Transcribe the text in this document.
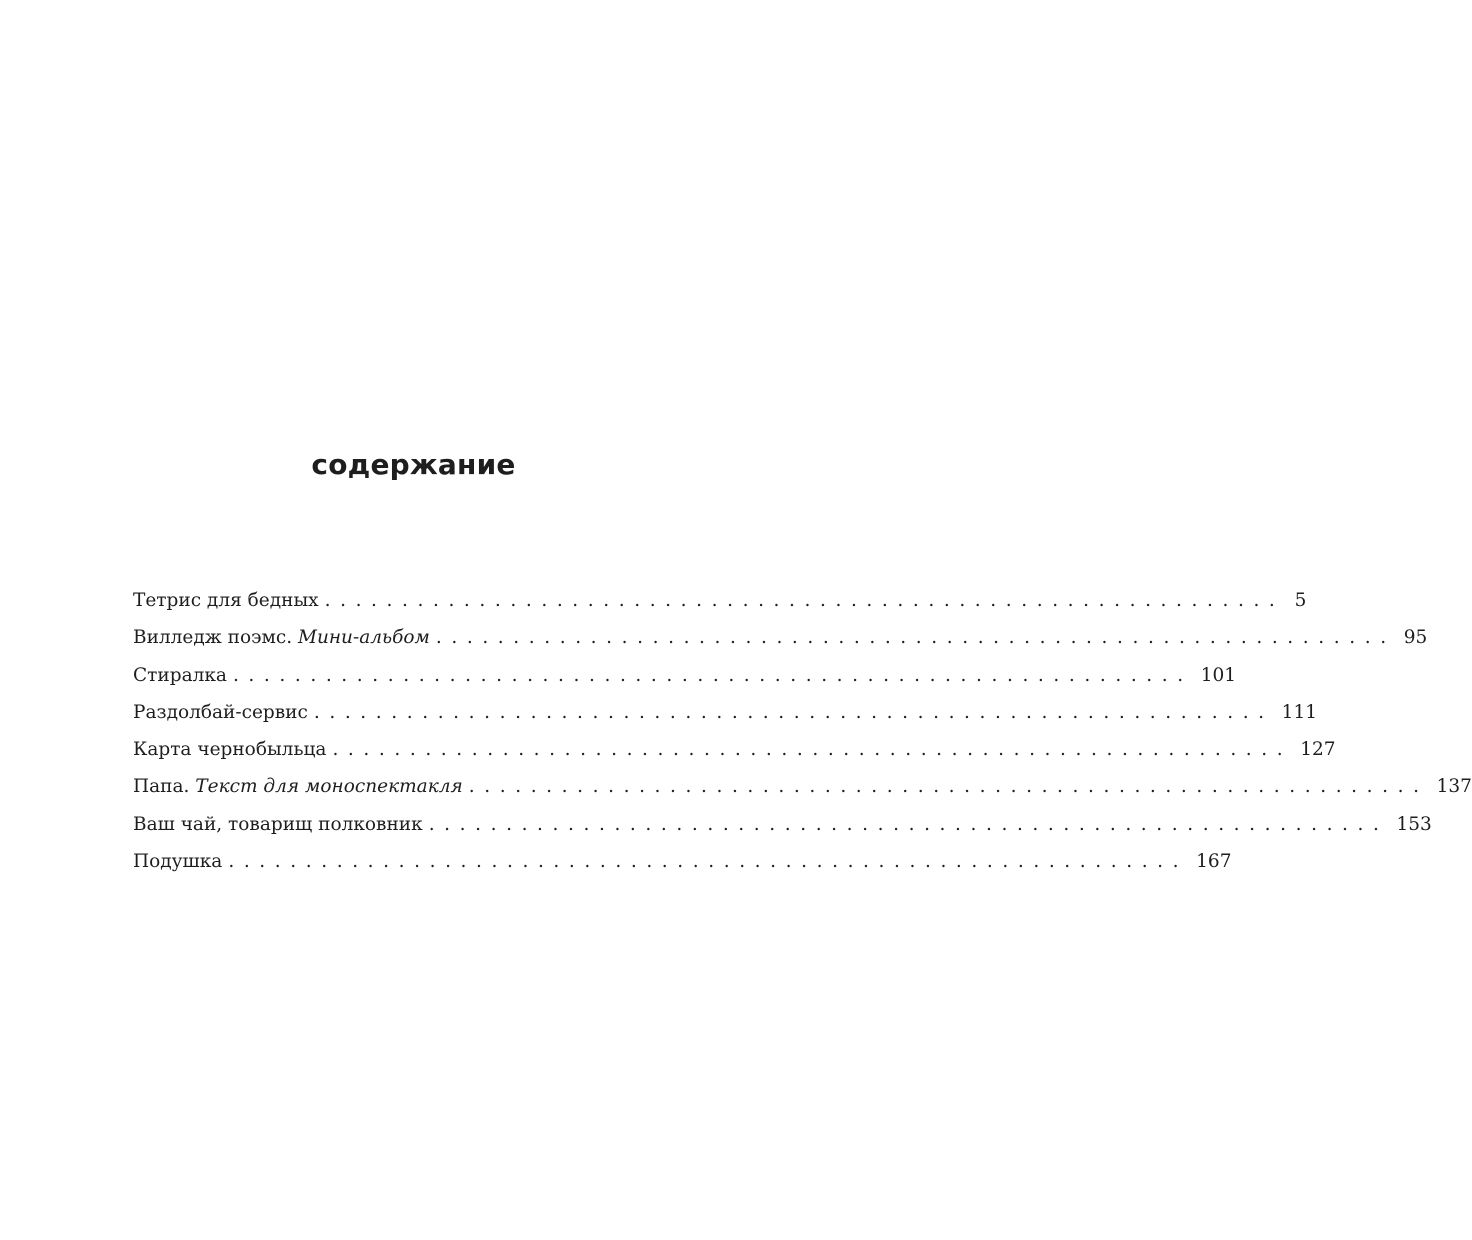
содержание
Тетрис для бедных .............................................................. 5
Вилледж поэмс. Мини-альбом .............................................................. 95
Стиралка .............................................................. 101
Раздолбай-сервис .............................................................. 111
Карта чернобыльца .............................................................. 127
Папа. Текст для моноспектакля .............................................................. 137
Ваш чай, товарищ полковник .............................................................. 153
Подушка .............................................................. 167
